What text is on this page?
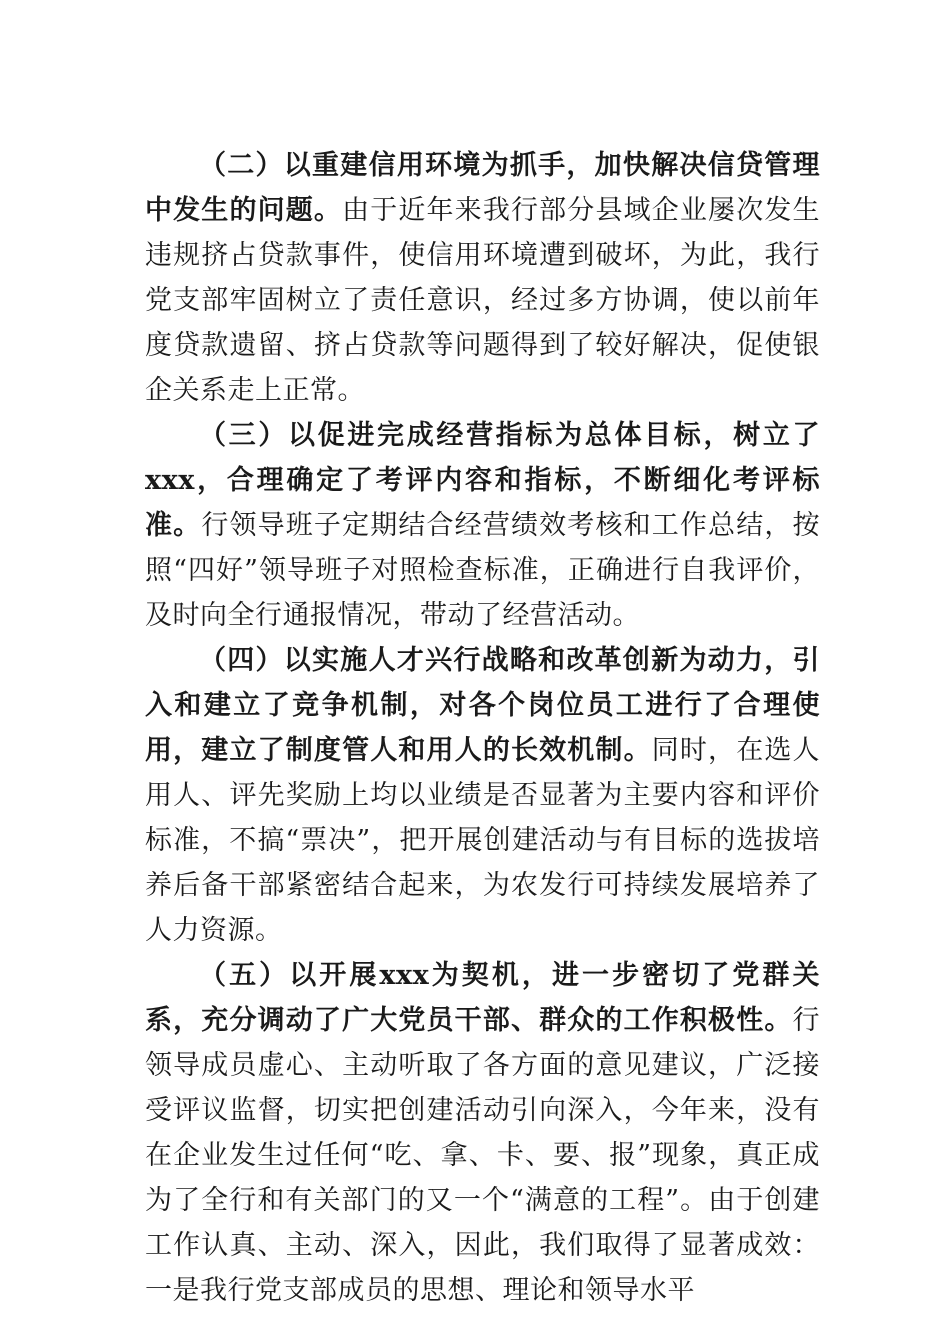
（二）以重建信用环境为抓手，加快解决信贷管理中发生的问题。由于近年来我行部分县域企业屡次发生违规挤占贷款事件，使信用环境遭到破坏，为此，我行党支部牢固树立了责任意识，经过多方协调，使以前年度贷款遗留、挤占贷款等问题得到了较好解决，促使银企关系走上正常。

（三）以促进完成经营指标为总体目标，树立了xxx，合理确定了考评内容和指标，不断细化考评标准。行领导班子定期结合经营绩效考核和工作总结，按照“四好”领导班子对照检查标准，正确进行自我评价，及时向全行通报情况，带动了经营活动。

（四）以实施人才兴行战略和改革创新为动力，引入和建立了竞争机制，对各个岗位员工进行了合理使用，建立了制度管人和用人的长效机制。同时，在选人用人、评先奖励上均以业绩是否显著为主要内容和评价标准，不搞“票决”，把开展创建活动与有目标的选拔培养后备干部紧密结合起来，为农发行可持续发展培养了人力资源。

（五）以开展xxx为契机，进一步密切了党群关系，充分调动了广大党员干部、群众的工作积极性。行领导成员虚心、主动听取了各方面的意见建议，广泛接受评议监督，切实把创建活动引向深入，今年来，没有在企业发生过任何“吃、拿、卡、要、报”现象，真正成为了全行和有关部门的又一个“满意的工程”。由于创建工作认真、主动、深入，因此，我们取得了显著成效：一是我行党支部成员的思想、理论和领导水平
